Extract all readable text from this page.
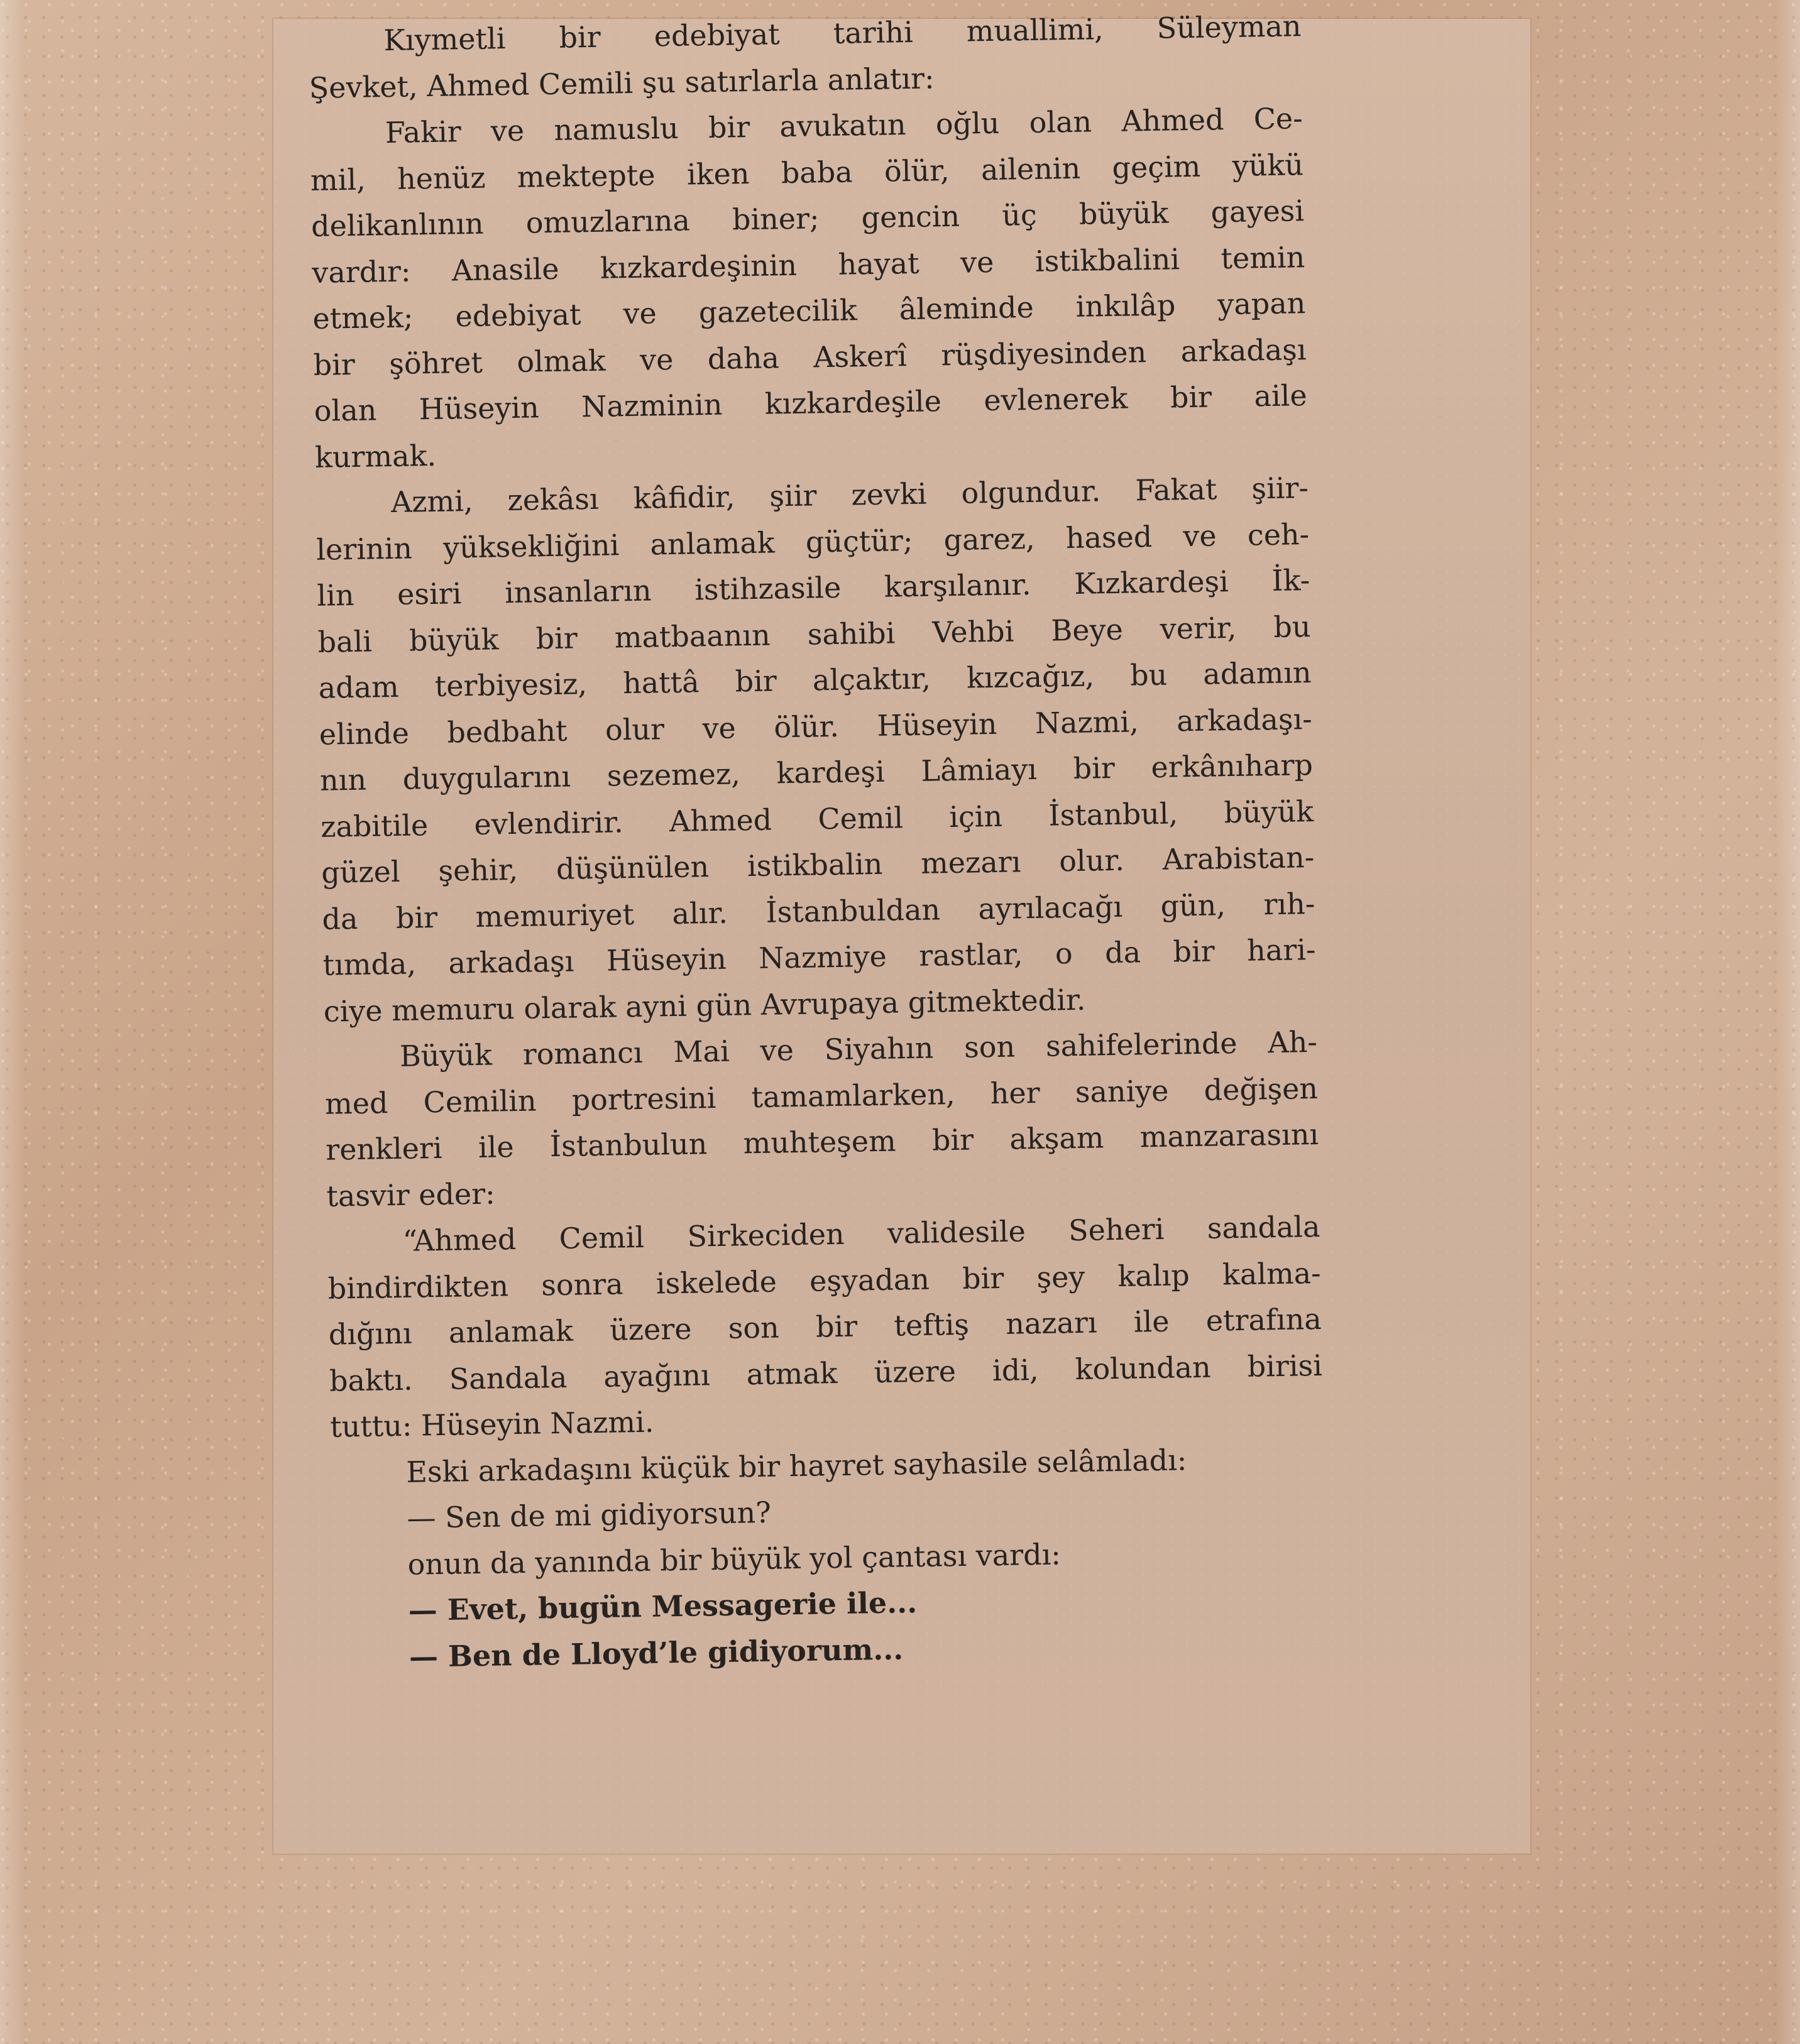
Kıymetli bir edebiyat tarihi muallimi, Süleyman
Şevket, Ahmed Cemili şu satırlarla anlatır:
Fakir ve namuslu bir avukatın oğlu olan Ahmed Ce-
mil, henüz mektepte iken baba ölür, ailenin geçim yükü
delikanlının omuzlarına biner; gencin üç büyük gayesi
vardır: Anasile kızkardeşinin hayat ve istikbalini temin
etmek; edebiyat ve gazetecilik âleminde inkılâp yapan
bir şöhret olmak ve daha Askerî rüşdiyesinden arkadaşı
olan Hüseyin Nazminin kızkardeşile evlenerek bir aile
kurmak.
Azmi, zekâsı kâfidir, şiir zevki olgundur. Fakat şiir-
lerinin yüksekliğini anlamak güçtür; garez, hased ve ceh-
lin esiri insanların istihzasile karşılanır. Kızkardeşi İk-
bali büyük bir matbaanın sahibi Vehbi Beye verir, bu
adam terbiyesiz, hattâ bir alçaktır, kızcağız, bu adamın
elinde bedbaht olur ve ölür. Hüseyin Nazmi, arkadaşı-
nın duygularını sezemez, kardeşi Lâmiayı bir erkânıharp
zabitile evlendirir. Ahmed Cemil için İstanbul, büyük
güzel şehir, düşünülen istikbalin mezarı olur. Arabistan-
da bir memuriyet alır. İstanbuldan ayrılacağı gün, rıh-
tımda, arkadaşı Hüseyin Nazmiye rastlar, o da bir hari-
ciye memuru olarak ayni gün Avrupaya gitmektedir.
Büyük romancı Mai ve Siyahın son sahifelerinde Ah-
med Cemilin portresini tamamlarken, her saniye değişen
renkleri ile İstanbulun muhteşem bir akşam manzarasını
tasvir eder:
“Ahmed Cemil Sirkeciden validesile Seheri sandala
bindirdikten sonra iskelede eşyadan bir şey kalıp kalma-
dığını anlamak üzere son bir teftiş nazarı ile etrafına
baktı. Sandala ayağını atmak üzere idi, kolundan birisi
tuttu: Hüseyin Nazmi.
Eski arkadaşını küçük bir hayret sayhasile selâmladı:
— Sen de mi gidiyorsun?
onun da yanında bir büyük yol çantası vardı:
— Evet, bugün Messagerie ile...
— Ben de Lloyd’le gidiyorum...
